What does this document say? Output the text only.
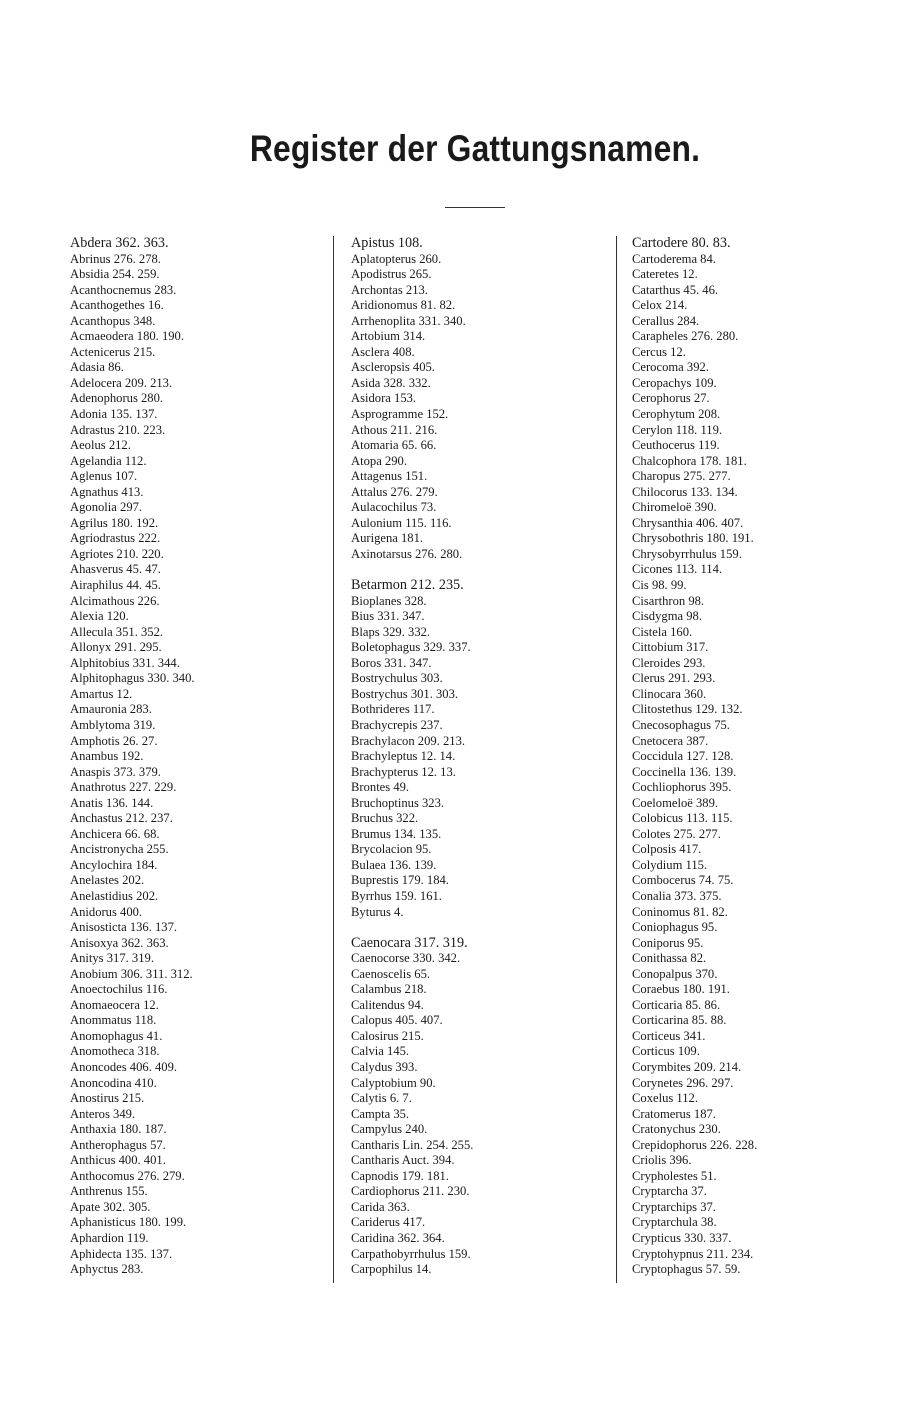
Register der Gattungsnamen.
Abdera 362. 363.
Abrinus 276. 278.
Absidia 254. 259.
Acanthocnemus 283.
Acanthogethes 16.
Acanthopus 348.
Acmaeodera 180. 190.
Actenicerus 215.
Adasia 86.
Adelocera 209. 213.
Adenophorus 280.
Adonia 135. 137.
Adrastus 210. 223.
Aeolus 212.
Agelandia 112.
Aglenus 107.
Agnathus 413.
Agonolia 297.
Agrilus 180. 192.
Agriodrastus 222.
Agriotes 210. 220.
Ahasverus 45. 47.
Airaphilus 44. 45.
Alcimathous 226.
Alexia 120.
Allecula 351. 352.
Allonyx 291. 295.
Alphitobius 331. 344.
Alphitophagus 330. 340.
Amartus 12.
Amauronia 283.
Amblytoma 319.
Amphotis 26. 27.
Anambus 192.
Anaspis 373. 379.
Anathrotus 227. 229.
Anatis 136. 144.
Anchastus 212. 237.
Anchicera 66. 68.
Ancistronycha 255.
Ancylochira 184.
Anelastes 202.
Anelastidius 202.
Anidorus 400.
Anisosticta 136. 137.
Anisoxya 362. 363.
Anitys 317. 319.
Anobium 306. 311. 312.
Anoectochilus 116.
Anomaeocera 12.
Anommatus 118.
Anomophagus 41.
Anomotheca 318.
Anoncodes 406. 409.
Anoncodina 410.
Anostirus 215.
Anteros 349.
Anthaxia 180. 187.
Antherophagus 57.
Anthicus 400. 401.
Anthocomus 276. 279.
Anthrenus 155.
Apate 302. 305.
Aphanisticus 180. 199.
Aphardion 119.
Aphidecta 135. 137.
Aphyctus 283.
Apistus 108.
Aplatopterus 260.
Apodistrus 265.
Archontas 213.
Aridionomus 81. 82.
Arrhenoplita 331. 340.
Artobium 314.
Asclera 408.
Ascleropsis 405.
Asida 328. 332.
Asidora 153.
Asprogramme 152.
Athous 211. 216.
Atomaria 65. 66.
Atopa 290.
Attagenus 151.
Attalus 276. 279.
Aulacochilus 73.
Aulonium 115. 116.
Aurigena 181.
Axinotarsus 276. 280.
Betarmon 212. 235.
Bioplanes 328.
Bius 331. 347.
Blaps 329. 332.
Boletophagus 329. 337.
Boros 331. 347.
Bostrychulus 303.
Bostrychus 301. 303.
Bothrideres 117.
Brachycrepis 237.
Brachylacon 209. 213.
Brachyleptus 12. 14.
Brachypterus 12. 13.
Brontes 49.
Bruchoptinus 323.
Bruchus 322.
Brumus 134. 135.
Brycolacion 95.
Bulaea 136. 139.
Buprestis 179. 184.
Byrrhus 159. 161.
Byturus 4.
Caenocara 317. 319.
Caenocorse 330. 342.
Caenoscelis 65.
Calambus 218.
Calitendus 94.
Calopus 405. 407.
Calosirus 215.
Calvia 145.
Calydus 393.
Calyptobium 90.
Calytis 6. 7.
Campta 35.
Campylus 240.
Cantharis Lin. 254. 255.
Cantharis Auct. 394.
Capnodis 179. 181.
Cardiophorus 211. 230.
Carida 363.
Cariderus 417.
Caridina 362. 364.
Carpathobyrrhulus 159.
Carpophilus 14.
Cartodere 80. 83.
Cartoderema 84.
Cateretes 12.
Catarthus 45. 46.
Celox 214.
Cerallus 284.
Carapheles 276. 280.
Cercus 12.
Cerocoma 392.
Ceropachys 109.
Cerophorus 27.
Cerophytum 208.
Cerylon 118. 119.
Ceuthocerus 119.
Chalcophora 178. 181.
Charopus 275. 277.
Chilocorus 133. 134.
Chiromeloë 390.
Chrysanthia 406. 407.
Chrysobothris 180. 191.
Chrysobyrrhulus 159.
Cicones 113. 114.
Cis 98. 99.
Cisarthron 98.
Cisdygma 98.
Cistela 160.
Cittobium 317.
Cleroides 293.
Clerus 291. 293.
Clinocara 360.
Clitostethus 129. 132.
Cnecosophagus 75.
Cnetocera 387.
Coccidula 127. 128.
Coccinella 136. 139.
Cochliophorus 395.
Coelomeloë 389.
Colobicus 113. 115.
Colotes 275. 277.
Colposis 417.
Colydium 115.
Combocerus 74. 75.
Conalia 373. 375.
Coninomus 81. 82.
Coniophagus 95.
Coniporus 95.
Conithassa 82.
Conopalpus 370.
Coraebus 180. 191.
Corticaria 85. 86.
Corticarina 85. 88.
Corticeus 341.
Corticus 109.
Corymbites 209. 214.
Corynetes 296. 297.
Coxelus 112.
Cratomerus 187.
Cratonychus 230.
Crepidophorus 226. 228.
Criolis 396.
Crypholestes 51.
Cryptarcha 37.
Cryptarchips 37.
Cryptarchula 38.
Crypticus 330. 337.
Cryptohypnus 211. 234.
Cryptophagus 57. 59.
